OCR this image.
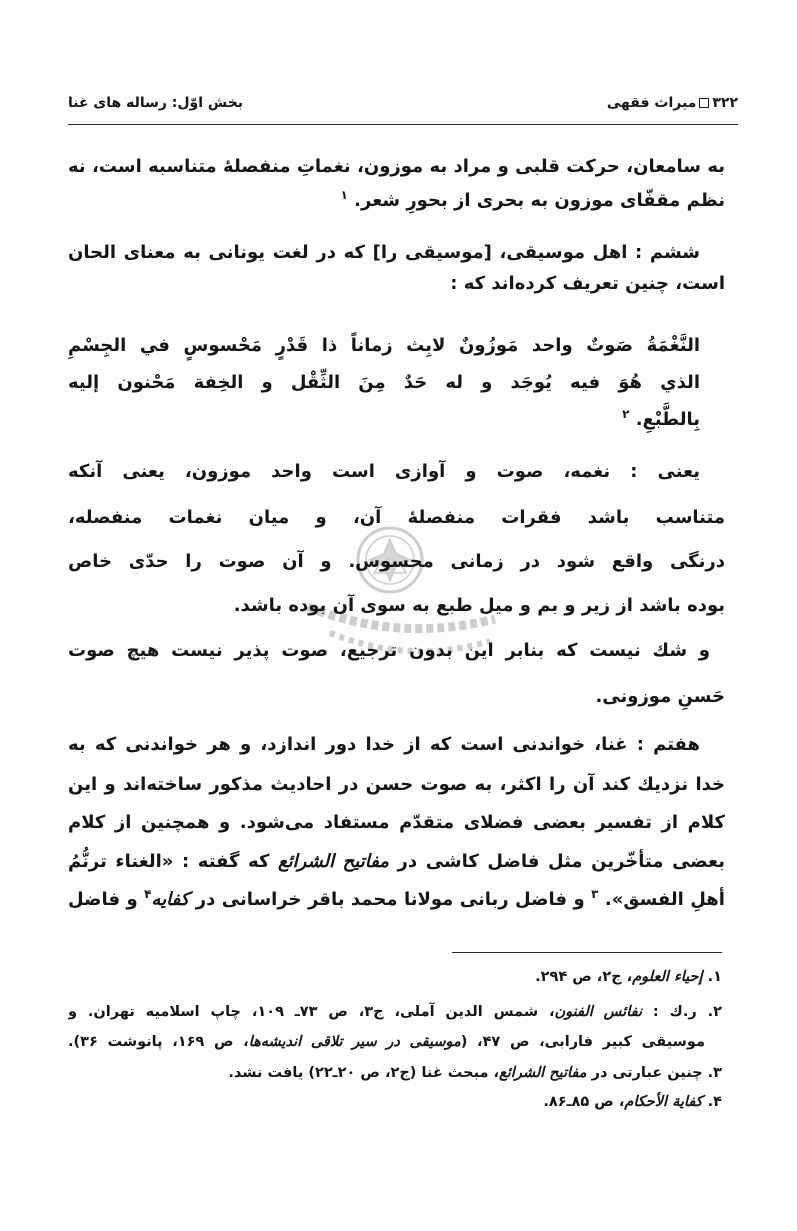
۳۲۲
میراث فقهی
بخش اوّل: رساله های غنا
به سامعان، حرکت قلبی و مراد به موزون، نغماتِ منفصلهٔ متناسبه است، نه
نظم مقفّای موزون به بحری از بحورِ شعر. $^۱$
ششم : اهل موسیقی، [موسیقی را] که در لغت یونانی به معنای الحان
است، چنین تعریف کرده‌اند که :
النَّغْمَةُ صَوتٌ واحد مَوزُونٌ لابِث زماناً ذا قَدْرٍ مَحْسوسٍ في الجِسْمِ
الذي هُوَ فيه يُوجَد و له حَدٌ مِنَ الثِّقْل و الخِفة مَحْنون إليه
بِالطَّبْعِ. $^۲$
یعنی : نغمه، صوت و آوازی است واحد موزون، یعنی آنکه
متناسب باشد فقرات منفصلهٔ آن، و میان نغمات منفصله،
درنگی واقع شود در زمانی محسوس. و آن صوت را حدّی خاص
بوده باشد از زیر و بم و میل طبع به سوی آن بوده باشد.
و شك نیست که بنابر این بدون ترجیع، صوت پذیر نیست هیچ صوت
حَسنِ موزونی.
هفتم : غنا، خواندنی است که از خدا دور اندازد، و هر خواندنی که به
خدا نزدیك کند آن را اکثر، به صوت حسن در احادیث مذکور ساخته‌اند و این
کلام از تفسیر بعضی فضلای متقدّم مستفاد می‌شود. و همچنین از کلام
بعضی متأخّرین مثل فاضل کاشی در مفاتیح الشرائع که گفته : «الغناء ترنُّمُ
أهلِ الفسق». $^۳$ و فاضل ربانی مولانا محمد باقر خراسانی در کفایه$^۴$ و فاضل
۱. إحیاء العلوم، ج۲، ص ۲۹۴.
۲. ر.ك : نفائس الفنون، شمس الدین آملی، ج۳، ص ۷۳ـ ۱۰۹، چاپ اسلامیه تهران. و
موسیقی کبیر فارابی، ص ۴۷، (موسیقی در سیر تلاقی اندیشه‌ها، ص ۱۶۹، پانوشت ۳۶).
۳. چنین عبارتی در مفاتیح الشرائع، مبحث غنا (ج۲، ص ۲۰ـ۲۲) یافت نشد.
۴. کفایة الأحکام، ص ۸۵ـ۸۶.
